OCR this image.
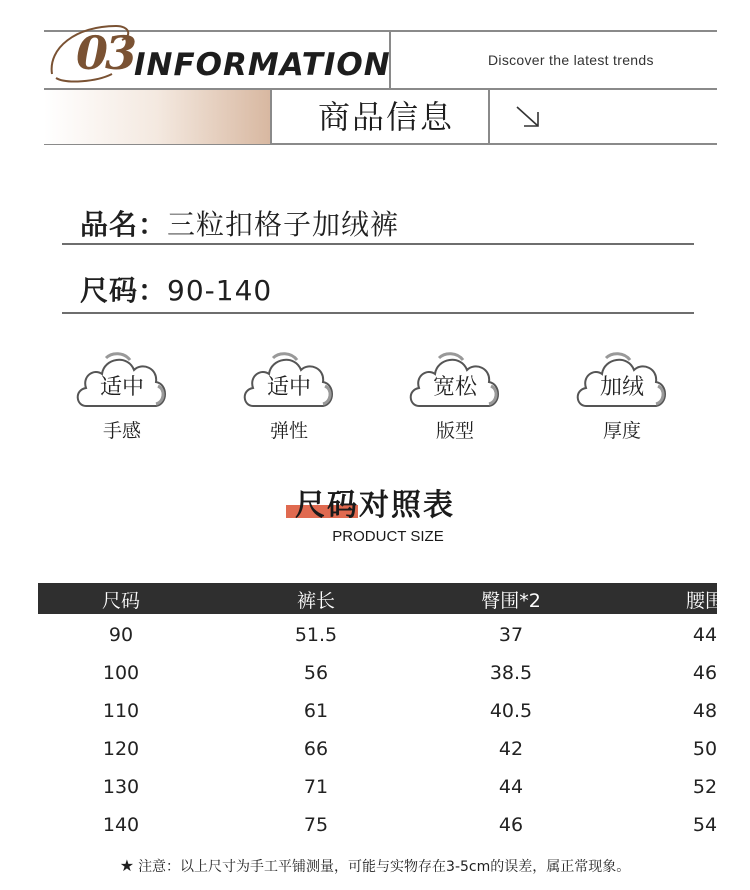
03 INFORMATION	Discover the latest trends
商品信息
品名：三粒扣格子加绒裤
尺码：90-140
适中
手感
适中
弹性
宽松
版型
加绒
厚度
尺码对照表
PRODUCT SIZE
尺码	裤长	臀围*2	腰围
90	51.5	37	44
100	56	38.5	46
110	61	40.5	48
120	66	42	50
130	71	44	52
140	75	46	54
★ 注意：以上尺寸为手工平铺测量，可能与实物存在3-5cm的误差，属正常现象。
